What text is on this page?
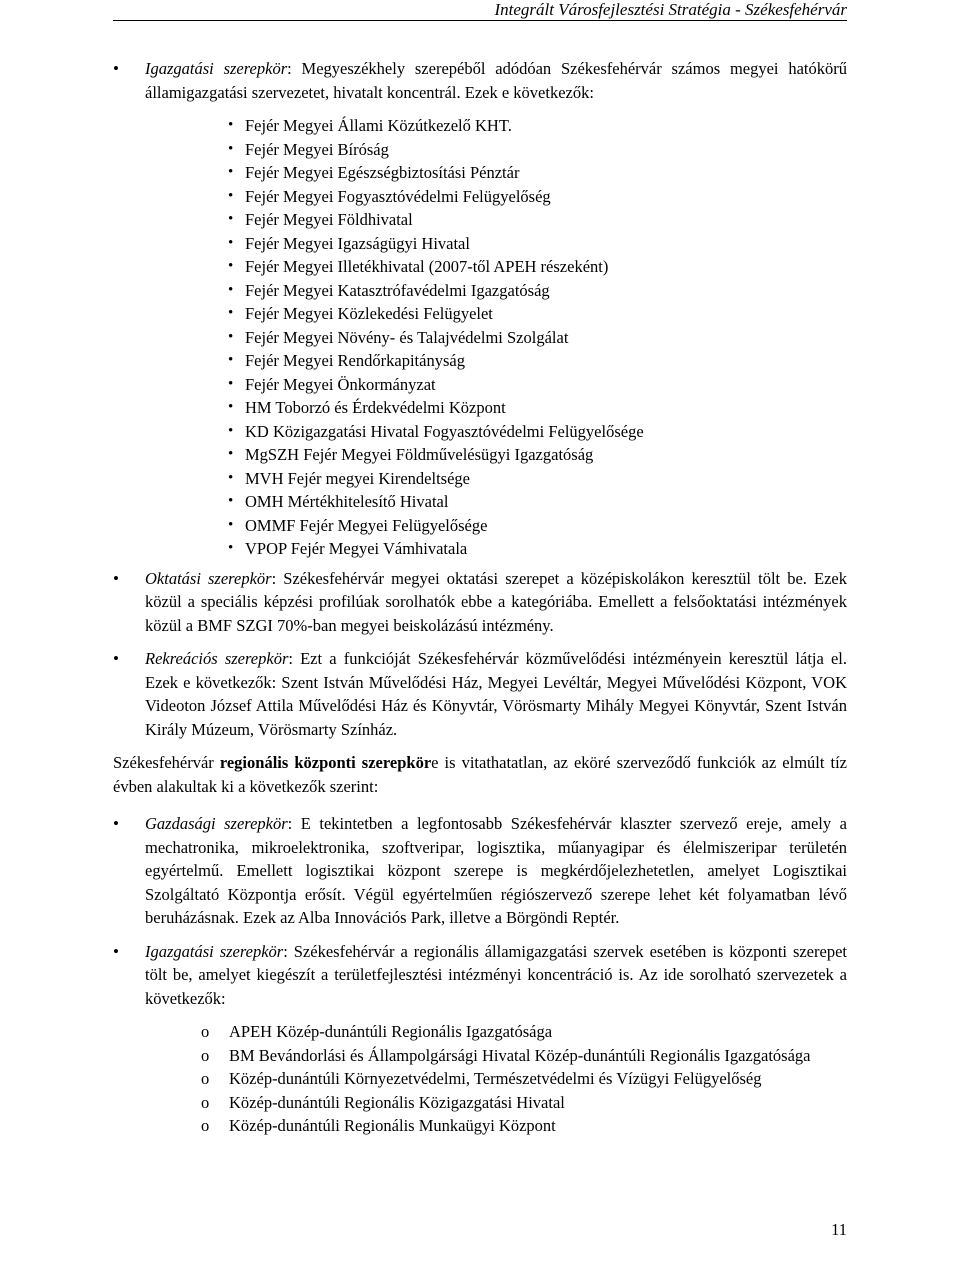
Integrált Városfejlesztési Stratégia - Székesfehérvár
• Igazgatási szerepkör: Megyeszékhely szerepéből adódóan Székesfehérvár számos megyei hatókörű államigazgatási szervezetet, hivatalt koncentrál. Ezek e következők:
• Fejér Megyei Állami Közútkezelő KHT.
• Fejér Megyei Bíróság
• Fejér Megyei Egészségbiztosítási Pénztár
• Fejér Megyei Fogyasztóvédelmi Felügyelőség
• Fejér Megyei Földhivatal
• Fejér Megyei Igazságügyi Hivatal
• Fejér Megyei Illetékhivatal (2007-től APEH részeként)
• Fejér Megyei Katasztrófavédelmi Igazgatóság
• Fejér Megyei Közlekedési Felügyelet
• Fejér Megyei Növény- és Talajvédelmi Szolgálat
• Fejér Megyei Rendőrkapitányság
• Fejér Megyei Önkormányzat
• HM Toborzó és Érdekvédelmi Központ
• KD Közigazgatási Hivatal Fogyasztóvédelmi Felügyelősége
• MgSZH Fejér Megyei Földművelésügyi Igazgatóság
• MVH Fejér megyei Kirendeltsége
• OMH Mértékhitelesítő Hivatal
• OMMF Fejér Megyei Felügyelősége
• VPOP Fejér Megyei Vámhivatala
• Oktatási szerepkör: Székesfehérvár megyei oktatási szerepet a középiskolákon keresztül tölt be. Ezek közül a speciális képzési profilúak sorolhatók ebbe a kategóriába. Emellett a felsőoktatási intézmények közül a BMF SZGI 70%-ban megyei beiskolázású intézmény.
• Rekreációs szerepkör: Ezt a funkcióját Székesfehérvár közművelődési intézményein keresztül látja el. Ezek e következők: Szent István Művelődési Ház, Megyei Levéltár, Megyei Művelődési Központ, VOK Videoton József Attila Művelődési Ház és Könyvtár, Vörösmarty Mihály Megyei Könyvtár, Szent István Király Múzeum, Vörösmarty Színház.

Székesfehérvár regionális központi szerepköre is vitathatatlan, az eköré szerveződő funkciók az elmúlt tíz évben alakultak ki a következők szerint:

• Gazdasági szerepkör: E tekintetben a legfontosabb Székesfehérvár klaszter szervező ereje, amely a mechatronika, mikroelektronika, szoftveripar, logisztika, műanyagipar és élelmiszeripar területén egyértelmű. Emellett logisztikai központ szerepe is megkérdőjelezhetetlen, amelyet Logisztikai Szolgáltató Központja erősít. Végül egyértelműen régiószervező szerepe lehet két folyamatban lévő beruházásnak. Ezek az Alba Innovációs Park, illetve a Börgöndi Reptér.
• Igazgatási szerepkör: Székesfehérvár a regionális államigazgatási szervek esetében is központi szerepet tölt be, amelyet kiegészít a területfejlesztési intézményi koncentráció is. Az ide sorolható szervezetek a következők:
o APEH Közép-dunántúli Regionális Igazgatósága
o BM Bevándorlási és Állampolgársági Hivatal Közép-dunántúli Regionális Igazgatósága
o Közép-dunántúli Környezetvédelmi, Természetvédelmi és Vízügyi Felügyelőség
o Közép-dunántúli Regionális Közigazgatási Hivatal
o Közép-dunántúli Regionális Munkaügyi Központ
11
